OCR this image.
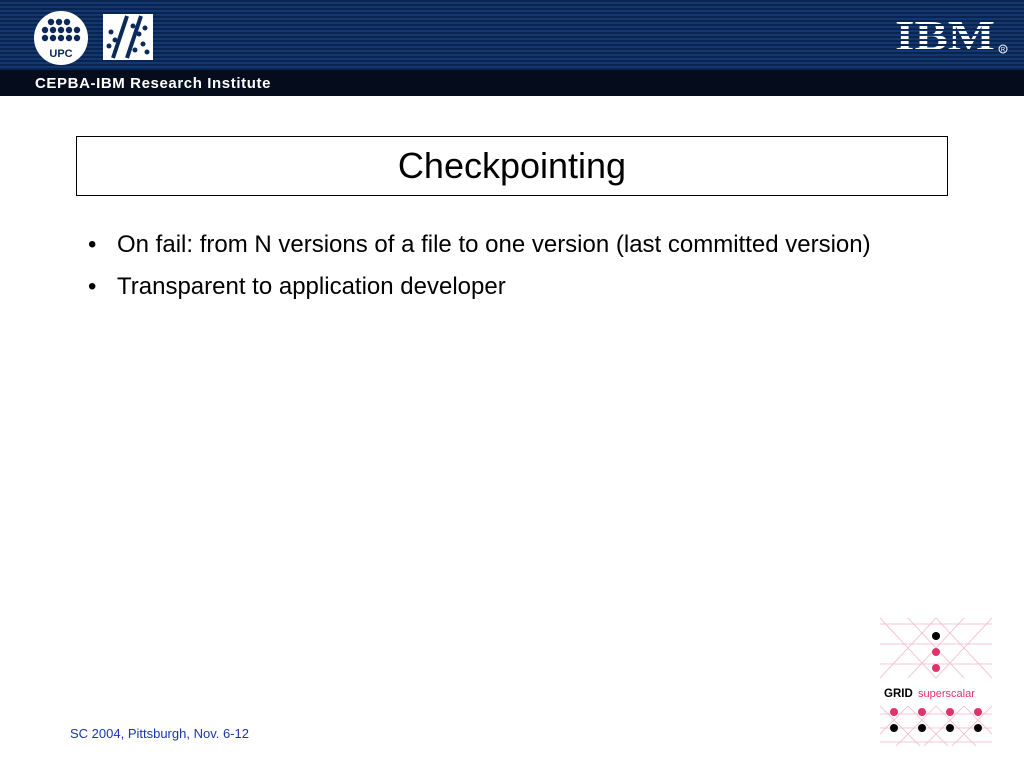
UPC	IBM R
CEPBA-IBM Research Institute
Checkpointing
• On fail: from N versions of a file to one version (last committed version)
• Transparent to application developer
SC 2004, Pittsburgh, Nov. 6-12
GRID superscalar
